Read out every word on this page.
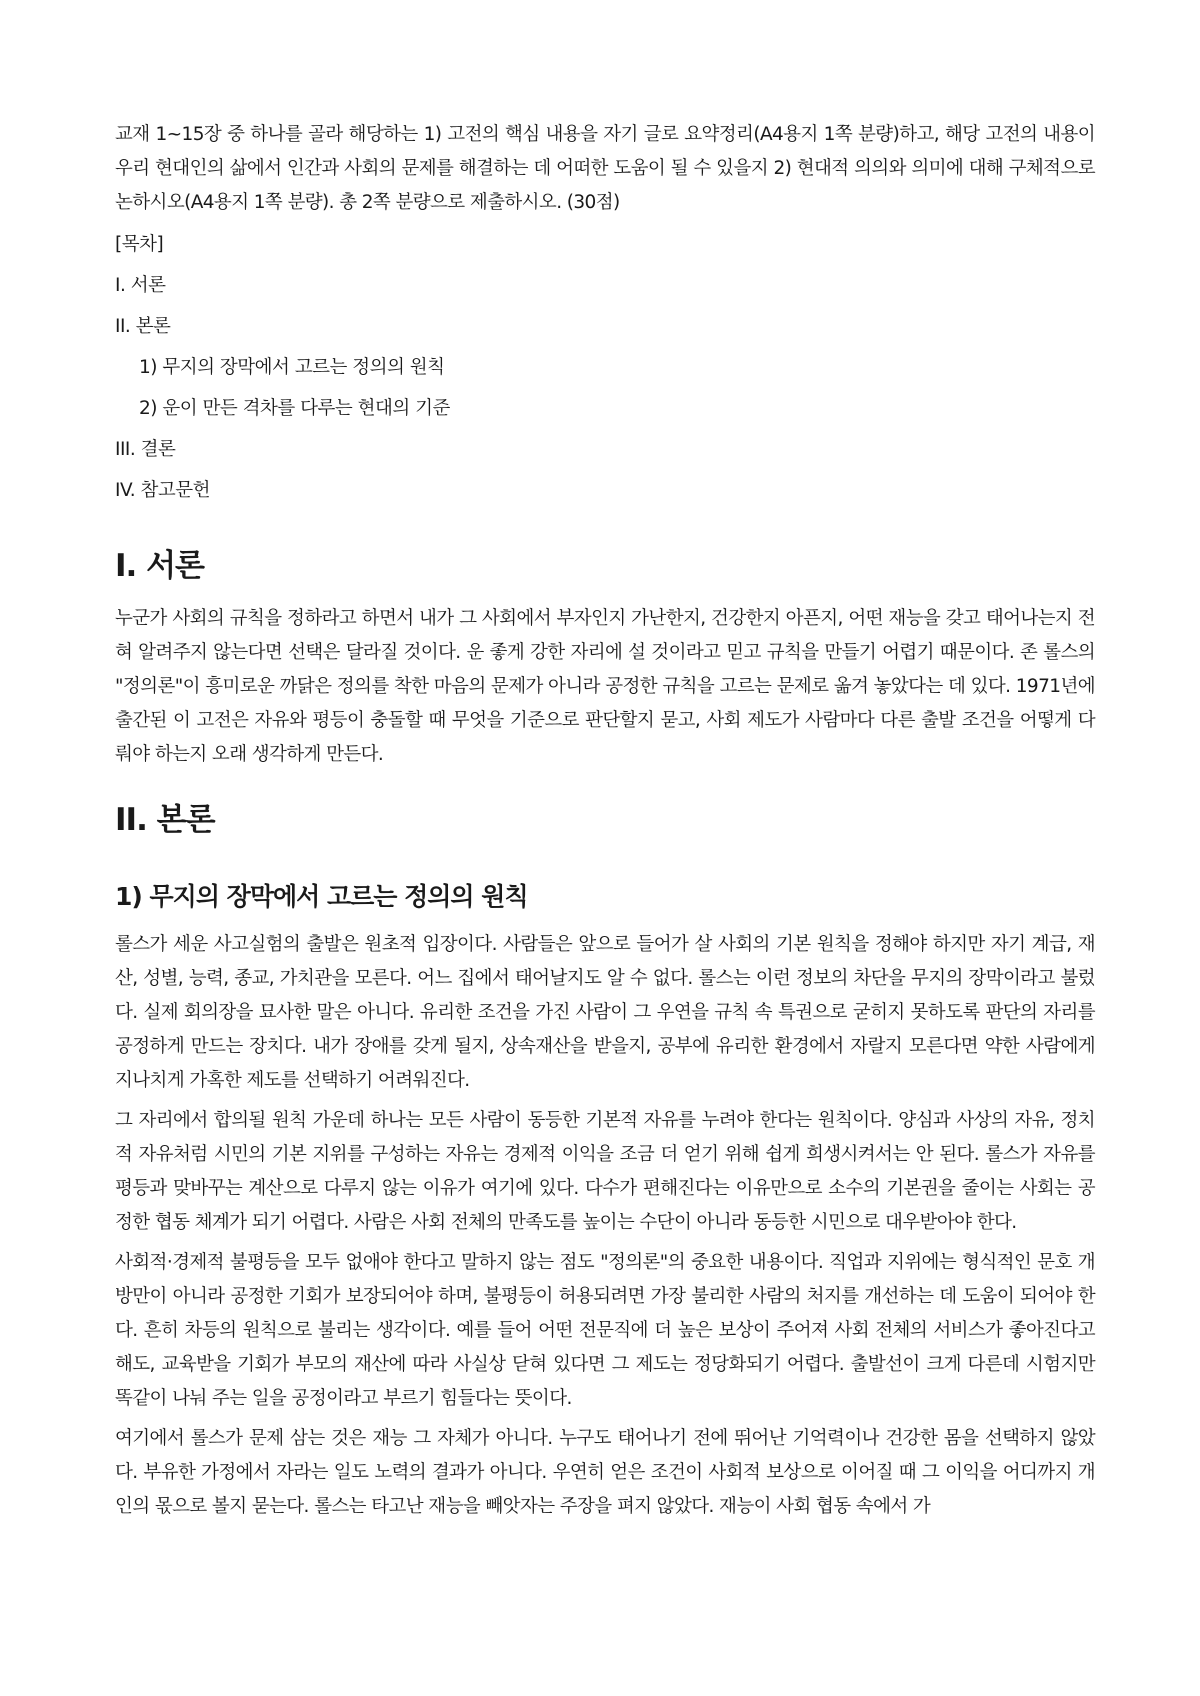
교재 1~15장 중 하나를 골라 해당하는 1) 고전의 핵심 내용을 자기 글로 요약정리(A4용지 1쪽 분량)하고, 해당 고전의 내용이 우리 현대인의 삶에서 인간과 사회의 문제를 해결하는 데 어떠한 도움이 될 수 있을지 2) 현대적 의의와 의미에 대해 구체적으로 논하시오(A4용지 1쪽 분량). 총 2쪽 분량으로 제출하시오. (30점)

[목차]
I. 서론
II. 본론
1) 무지의 장막에서 고르는 정의의 원칙
2) 운이 만든 격차를 다루는 현대의 기준
III. 결론
IV. 참고문헌
I. 서론

누군가 사회의 규칙을 정하라고 하면서 내가 그 사회에서 부자인지 가난한지, 건강한지 아픈지, 어떤 재능을 갖고 태어나는지 전혀 알려주지 않는다면 선택은 달라질 것이다. 운 좋게 강한 자리에 설 것이라고 믿고 규칙을 만들기 어렵기 때문이다. 존 롤스의 "정의론"이 흥미로운 까닭은 정의를 착한 마음의 문제가 아니라 공정한 규칙을 고르는 문제로 옮겨 놓았다는 데 있다. 1971년에 출간된 이 고전은 자유와 평등이 충돌할 때 무엇을 기준으로 판단할지 묻고, 사회 제도가 사람마다 다른 출발 조건을 어떻게 다뤄야 하는지 오래 생각하게 만든다.

II. 본론
1) 무지의 장막에서 고르는 정의의 원칙

롤스가 세운 사고실험의 출발은 원초적 입장이다. 사람들은 앞으로 들어가 살 사회의 기본 원칙을 정해야 하지만 자기 계급, 재산, 성별, 능력, 종교, 가치관을 모른다. 어느 집에서 태어날지도 알 수 없다. 롤스는 이런 정보의 차단을 무지의 장막이라고 불렀다. 실제 회의장을 묘사한 말은 아니다. 유리한 조건을 가진 사람이 그 우연을 규칙 속 특권으로 굳히지 못하도록 판단의 자리를 공정하게 만드는 장치다. 내가 장애를 갖게 될지, 상속재산을 받을지, 공부에 유리한 환경에서 자랄지 모른다면 약한 사람에게 지나치게 가혹한 제도를 선택하기 어려워진다.

그 자리에서 합의될 원칙 가운데 하나는 모든 사람이 동등한 기본적 자유를 누려야 한다는 원칙이다. 양심과 사상의 자유, 정치적 자유처럼 시민의 기본 지위를 구성하는 자유는 경제적 이익을 조금 더 얻기 위해 쉽게 희생시켜서는 안 된다. 롤스가 자유를 평등과 맞바꾸는 계산으로 다루지 않는 이유가 여기에 있다. 다수가 편해진다는 이유만으로 소수의 기본권을 줄이는 사회는 공정한 협동 체계가 되기 어렵다. 사람은 사회 전체의 만족도를 높이는 수단이 아니라 동등한 시민으로 대우받아야 한다.

사회적·경제적 불평등을 모두 없애야 한다고 말하지 않는 점도 "정의론"의 중요한 내용이다. 직업과 지위에는 형식적인 문호 개방만이 아니라 공정한 기회가 보장되어야 하며, 불평등이 허용되려면 가장 불리한 사람의 처지를 개선하는 데 도움이 되어야 한다. 흔히 차등의 원칙으로 불리는 생각이다. 예를 들어 어떤 전문직에 더 높은 보상이 주어져 사회 전체의 서비스가 좋아진다고 해도, 교육받을 기회가 부모의 재산에 따라 사실상 닫혀 있다면 그 제도는 정당화되기 어렵다. 출발선이 크게 다른데 시험지만 똑같이 나눠 주는 일을 공정이라고 부르기 힘들다는 뜻이다.

여기에서 롤스가 문제 삼는 것은 재능 그 자체가 아니다. 누구도 태어나기 전에 뛰어난 기억력이나 건강한 몸을 선택하지 않았다. 부유한 가정에서 자라는 일도 노력의 결과가 아니다. 우연히 얻은 조건이 사회적 보상으로 이어질 때 그 이익을 어디까지 개인의 몫으로 볼지 묻는다. 롤스는 타고난 재능을 빼앗자는 주장을 펴지 않았다. 재능이 사회 협동 속에서 가
